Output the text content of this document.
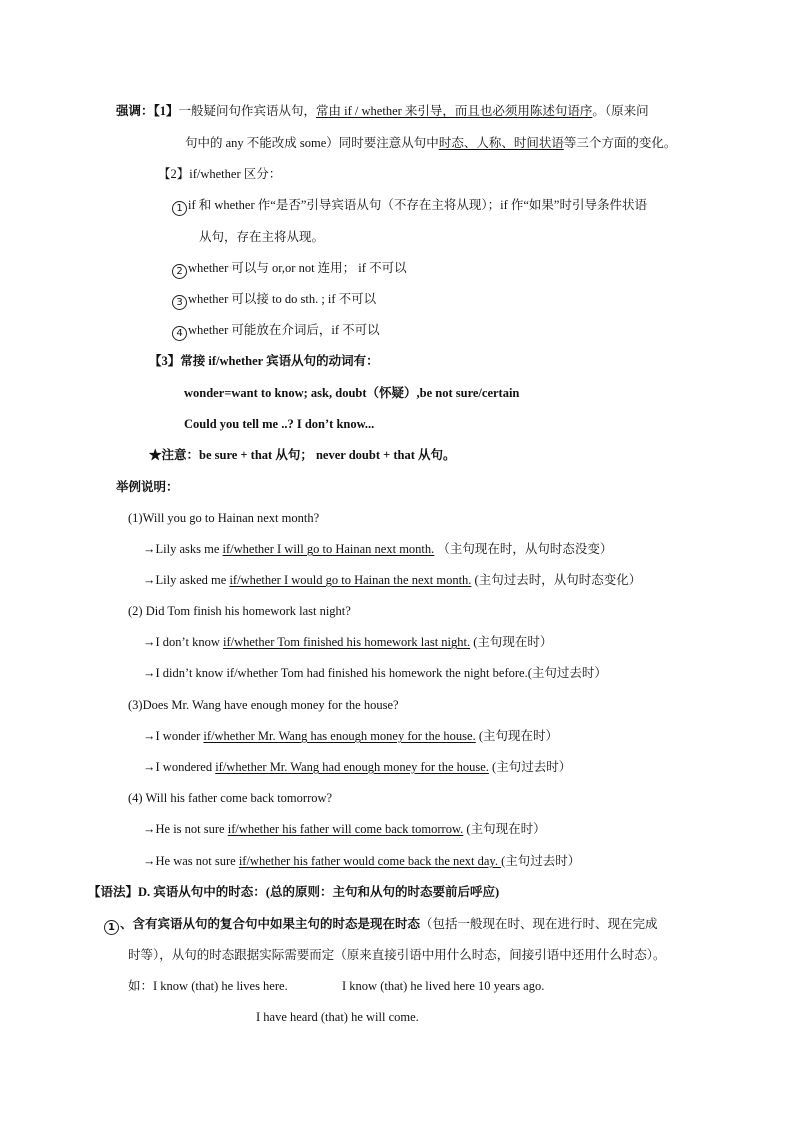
强调：【1】一般疑问句作宾语从句，常由 if / whether 来引导，而且也必须用陈述句语序。（原来问
句中的 any 不能改成 some）同时要注意从句中时态、人称、时间状语等三个方面的变化。
【2】if/whether 区分：
1 if 和 whether 作“是否”引导宾语从句（不存在主将从现）；if 作“如果”时引导条件状语
从句，存在主将从现。
2 whether 可以与 or,or not 连用； if 不可以
3 whether 可以接 to do sth. ; if 不可以
4 whether 可能放在介词后，if 不可以
【3】常接 if/whether 宾语从句的动词有：
wonder=want to know; ask, doubt（怀疑）,be not sure/certain
Could you tell me ..? I don’t know...
★注意：be sure + that 从句； never doubt + that 从句。
举例说明：
(1)Will you go to Hainan next month?
→Lily asks me if/whether I will go to Hainan next month. （主句现在时，从句时态没变）
→Lily asked me if/whether I would go to Hainan the next month. (主句过去时，从句时态变化）
(2) Did Tom finish his homework last night?
→I don’t know if/whether Tom finished his homework last night. (主句现在时）
→I didn’t know if/whether Tom had finished his homework the night before.(主句过去时）
(3)Does Mr. Wang have enough money for the house?
→I wonder if/whether Mr. Wang has enough money for the house. (主句现在时）
→I wondered if/whether Mr. Wang had enough money for the house. (主句过去时）
(4) Will his father come back tomorrow?
→He is not sure if/whether his father will come back tomorrow. (主句现在时）
→He was not sure if/whether his father would come back the next day. (主句过去时）
【语法】D. 宾语从句中的时态：(总的原则：主句和从句的时态要前后呼应)
1 、含有宾语从句的复合句中如果主句的时态是现在时态（包括一般现在时、现在进行时、现在完成
时等），从句的时态跟据实际需要而定（原来直接引语中用什么时态，间接引语中还用什么时态）。
如：I know (that) he lives here.	I know (that) he lived here 10 years ago.
I have heard (that) he will come.
